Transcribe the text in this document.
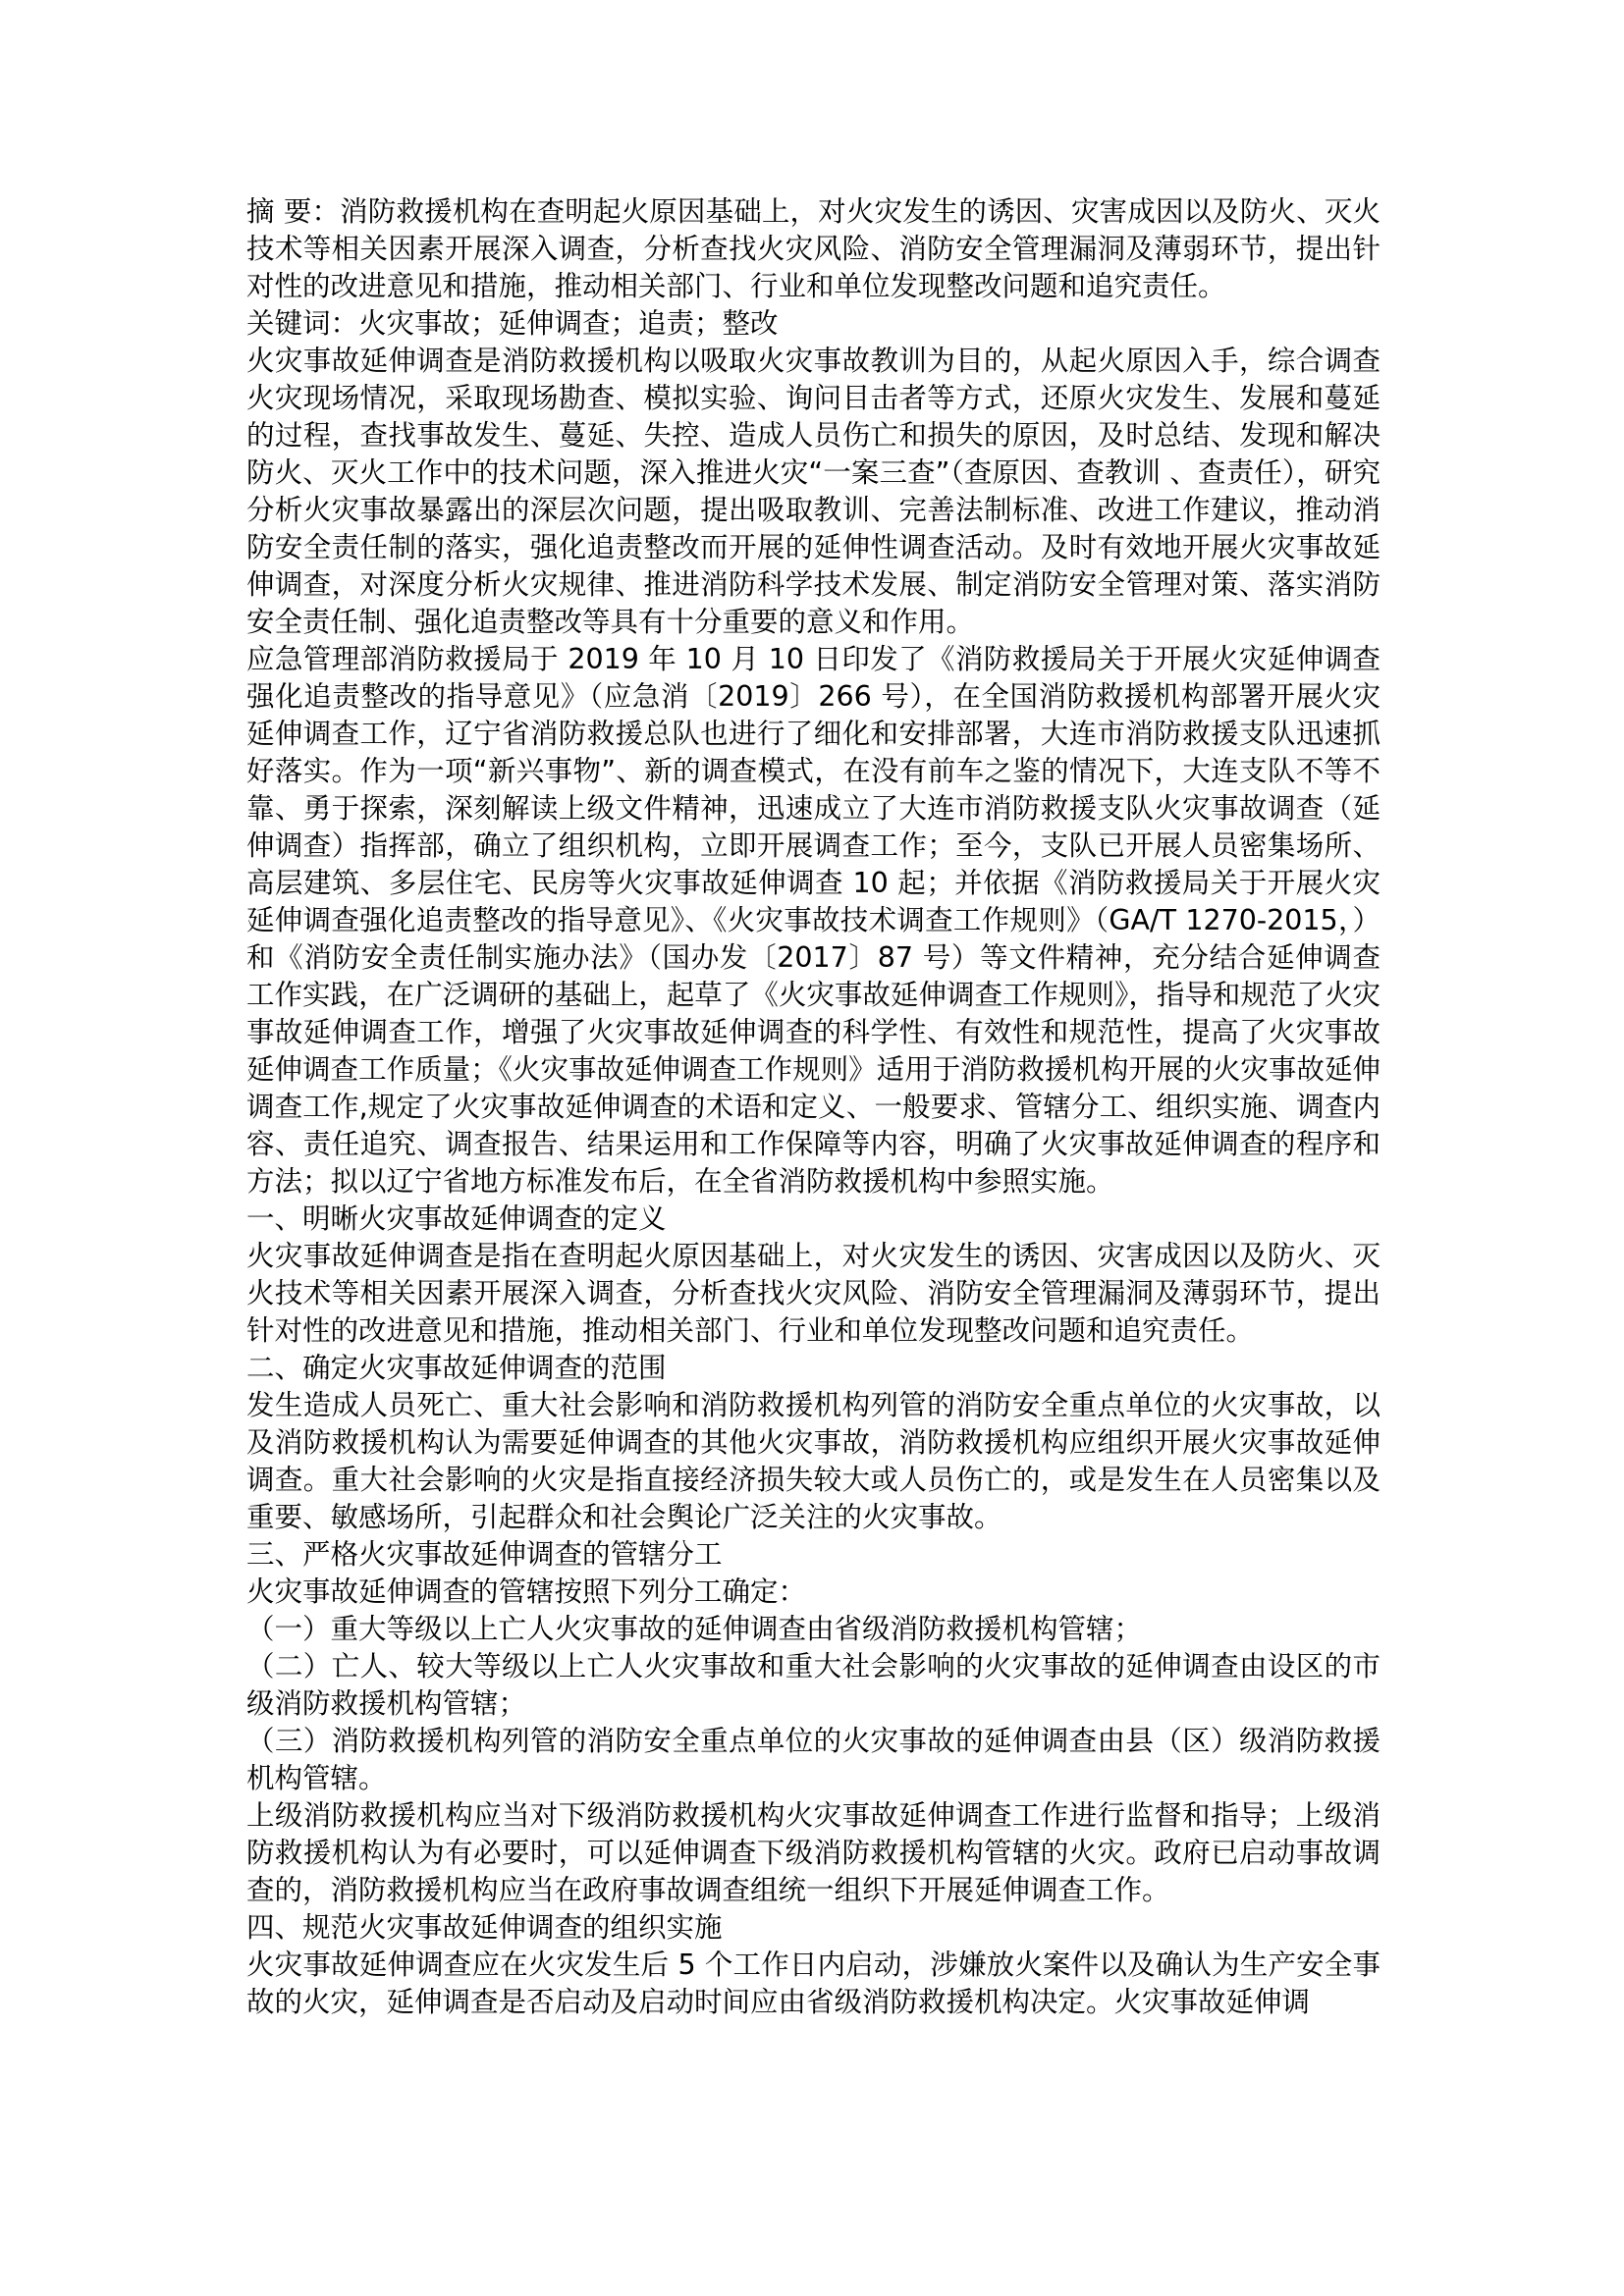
摘 要：消防救援机构在查明起火原因基础上，对火灾发生的诱因、灾害成因以及防火、灭火技术等相关因素开展深入调查，分析查找火灾风险、消防安全管理漏洞及薄弱环节，提出针对性的改进意见和措施，推动相关部门、行业和单位发现整改问题和追究责任。

关键词：火灾事故；延伸调查；追责；整改

火灾事故延伸调查是消防救援机构以吸取火灾事故教训为目的，从起火原因入手，综合调查火灾现场情况，采取现场勘查、模拟实验、询问目击者等方式，还原火灾发生、发展和蔓延的过程，查找事故发生、蔓延、失控、造成人员伤亡和损失的原因，及时总结、发现和解决防火、灭火工作中的技术问题，深入推进火灾“一案三查”（查原因、查教训 、查责任），研究分析火灾事故暴露出的深层次问题，提出吸取教训、完善法制标准、改进工作建议，推动消防安全责任制的落实，强化追责整改而开展的延伸性调查活动。及时有效地开展火灾事故延伸调查，对深度分析火灾规律、推进消防科学技术发展、制定消防安全管理对策、落实消防安全责任制、强化追责整改等具有十分重要的意义和作用。

应急管理部消防救援局于 2019 年 10 月 10 日印发了《消防救援局关于开展火灾延伸调查强化追责整改的指导意见》（应急消〔2019〕266 号），在全国消防救援机构部署开展火灾延伸调查工作，辽宁省消防救援总队也进行了细化和安排部署，大连市消防救援支队迅速抓好落实。作为一项“新兴事物”、新的调查模式，在没有前车之鉴的情况下，大连支队不等不靠、勇于探索，深刻解读上级文件精神，迅速成立了大连市消防救援支队火灾事故调查（延伸调查）指挥部，确立了组织机构，立即开展调查工作；至今，支队已开展人员密集场所、高层建筑、多层住宅、民房等火灾事故延伸调查 10 起；并依据《消防救援局关于开展火灾延伸调查强化追责整改的指导意见》、《火灾事故技术调查工作规则》（GA/T 1270-2015，）和《消防安全责任制实施办法》（国办发〔2017〕87 号）等文件精神，充分结合延伸调查工作实践，在广泛调研的基础上，起草了《火灾事故延伸调查工作规则》，指导和规范了火灾事故延伸调查工作，增强了火灾事故延伸调查的科学性、有效性和规范性，提高了火灾事故延伸调查工作质量；《火灾事故延伸调查工作规则》适用于消防救援机构开展的火灾事故延伸调查工作,规定了火灾事故延伸调查的术语和定义、一般要求、管辖分工、组织实施、调查内容、责任追究、调查报告、结果运用和工作保障等内容，明确了火灾事故延伸调查的程序和方法；拟以辽宁省地方标准发布后，在全省消防救援机构中参照实施。

一、明晰火灾事故延伸调查的定义

火灾事故延伸调查是指在查明起火原因基础上，对火灾发生的诱因、灾害成因以及防火、灭火技术等相关因素开展深入调查，分析查找火灾风险、消防安全管理漏洞及薄弱环节，提出针对性的改进意见和措施，推动相关部门、行业和单位发现整改问题和追究责任。

二、确定火灾事故延伸调查的范围

发生造成人员死亡、重大社会影响和消防救援机构列管的消防安全重点单位的火灾事故，以及消防救援机构认为需要延伸调查的其他火灾事故，消防救援机构应组织开展火灾事故延伸调查。重大社会影响的火灾是指直接经济损失较大或人员伤亡的，或是发生在人员密集以及重要、敏感场所，引起群众和社会舆论广泛关注的火灾事故。

三、严格火灾事故延伸调查的管辖分工

火灾事故延伸调查的管辖按照下列分工确定：

（一）重大等级以上亡人火灾事故的延伸调查由省级消防救援机构管辖；

（二）亡人、较大等级以上亡人火灾事故和重大社会影响的火灾事故的延伸调查由设区的市级消防救援机构管辖；

（三）消防救援机构列管的消防安全重点单位的火灾事故的延伸调查由县（区）级消防救援机构管辖。

上级消防救援机构应当对下级消防救援机构火灾事故延伸调查工作进行监督和指导；上级消防救援机构认为有必要时，可以延伸调查下级消防救援机构管辖的火灾。政府已启动事故调查的，消防救援机构应当在政府事故调查组统一组织下开展延伸调查工作。

四、规范火灾事故延伸调查的组织实施

火灾事故延伸调查应在火灾发生后 5 个工作日内启动，涉嫌放火案件以及确认为生产安全事故的火灾，延伸调查是否启动及启动时间应由省级消防救援机构决定。火灾事故延伸调
